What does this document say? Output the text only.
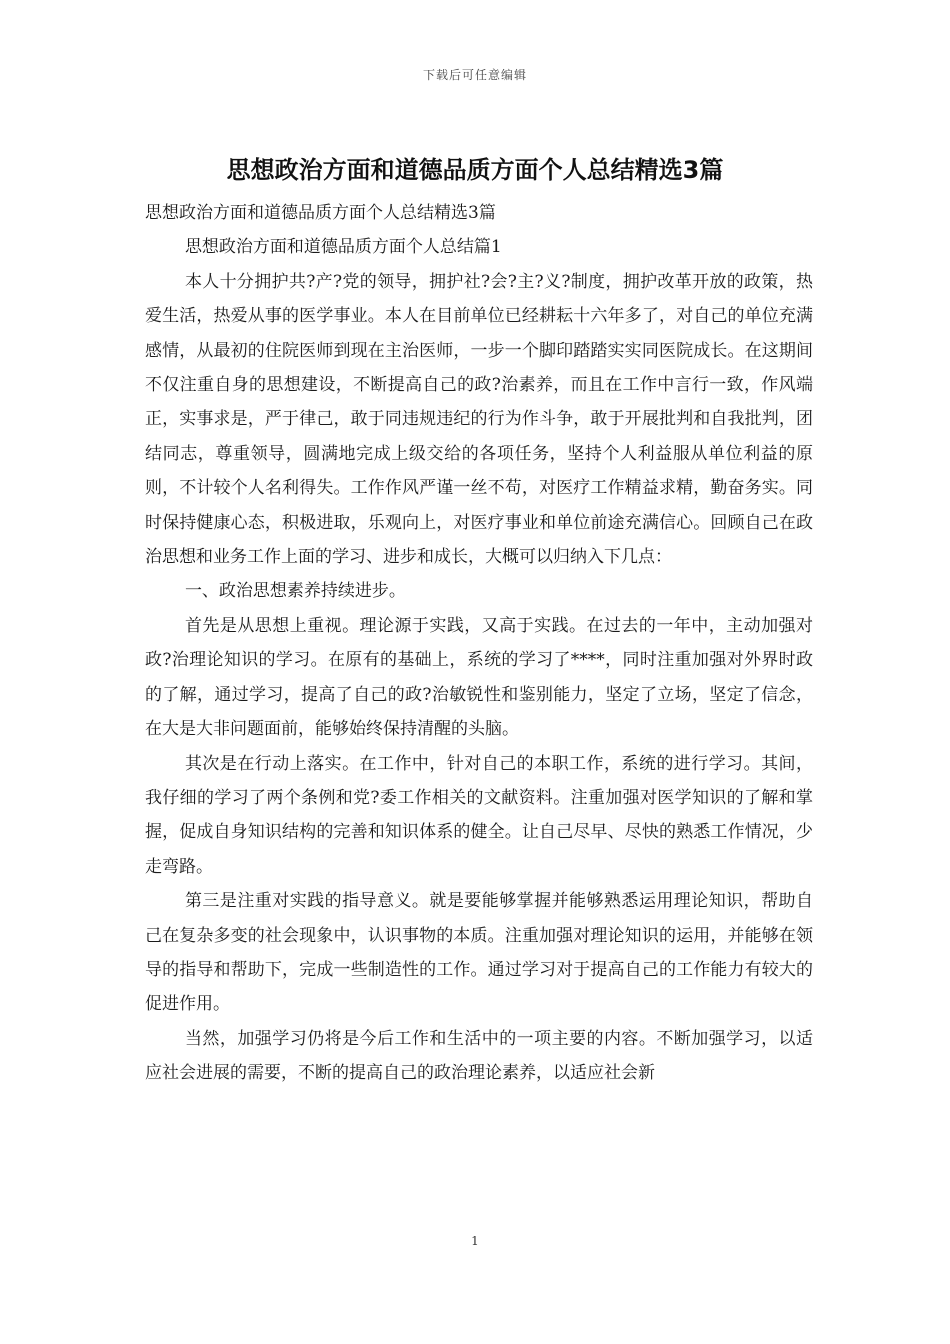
下载后可任意编辑
思想政治方面和道德品质方面个人总结精选3篇

思想政治方面和道德品质方面个人总结精选3篇

思想政治方面和道德品质方面个人总结篇1

本人十分拥护共?产?党的领导，拥护社?会?主?义?制度，拥护改革开放的政策，热爱生活，热爱从事的医学事业。本人在目前单位已经耕耘十六年多了，对自己的单位充满感情，从最初的住院医师到现在主治医师，一步一个脚印踏踏实实同医院成长。在这期间不仅注重自身的思想建设，不断提高自己的政?治素养，而且在工作中言行一致，作风端正，实事求是，严于律己，敢于同违规违纪的行为作斗争，敢于开展批判和自我批判，团结同志，尊重领导，圆满地完成上级交给的各项任务，坚持个人利益服从单位利益的原则，不计较个人名利得失。工作作风严谨一丝不苟，对医疗工作精益求精，勤奋务实。同时保持健康心态，积极进取，乐观向上，对医疗事业和单位前途充满信心。回顾自己在政治思想和业务工作上面的学习、进步和成长，大概可以归纳入下几点：

一、政治思想素养持续进步。

首先是从思想上重视。理论源于实践，又高于实践。在过去的一年中，主动加强对政?治理论知识的学习。在原有的基础上，系统的学习了****，同时注重加强对外界时政的了解，通过学习，提高了自己的政?治敏锐性和鉴别能力，坚定了立场，坚定了信念，在大是大非问题面前，能够始终保持清醒的头脑。

其次是在行动上落实。在工作中，针对自己的本职工作，系统的进行学习。其间，我仔细的学习了两个条例和党?委工作相关的文献资料。注重加强对医学知识的了解和掌握，促成自身知识结构的完善和知识体系的健全。让自己尽早、尽快的熟悉工作情况，少走弯路。

第三是注重对实践的指导意义。就是要能够掌握并能够熟悉运用理论知识，帮助自己在复杂多变的社会现象中，认识事物的本质。注重加强对理论知识的运用，并能够在领导的指导和帮助下，完成一些制造性的工作。通过学习对于提高自己的工作能力有较大的促进作用。

当然，加强学习仍将是今后工作和生活中的一项主要的内容。不断加强学习，以适应社会进展的需要，不断的提高自己的政治理论素养，以适应社会新

1
